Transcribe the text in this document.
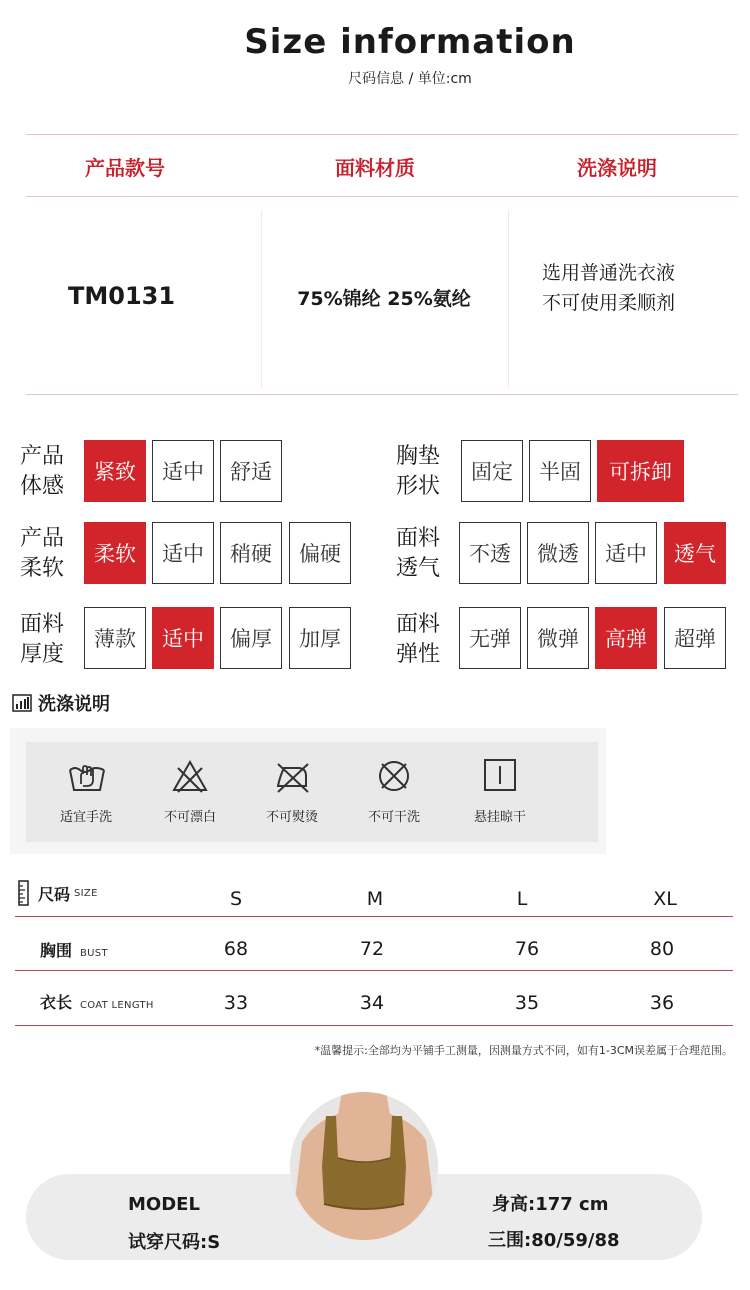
Size information
尺码信息 / 单位:cm
产品款号	面料材质	洗涤说明
TM0131	75%锦纶 25%氨纶
选用普通洗衣液
不可使用柔顺剂
产品
体感
紧致	适中	舒适
产品
柔软
柔软	适中	稍硬	偏硬
面料
厚度
薄款	适中	偏厚	加厚
胸垫
形状
固定	半固	可拆卸
面料
透气
不透	微透	适中	透气
面料
弹性
无弹	微弹	高弹	超弹
洗涤说明
适宜手洗	不可漂白	不可熨烫	不可干洗	悬挂晾干
尺码 SIZE	S	M	L	XL
胸围 BUST	68	72	76	80
衣长 COAT LENGTH	33	34	35	36
*温馨提示:全部均为平铺手工测量，因测量方式不同，如有1-3CM误差属于合理范围。
MODEL
试穿尺码:S
身高:177 cm
三围:80/59/88
